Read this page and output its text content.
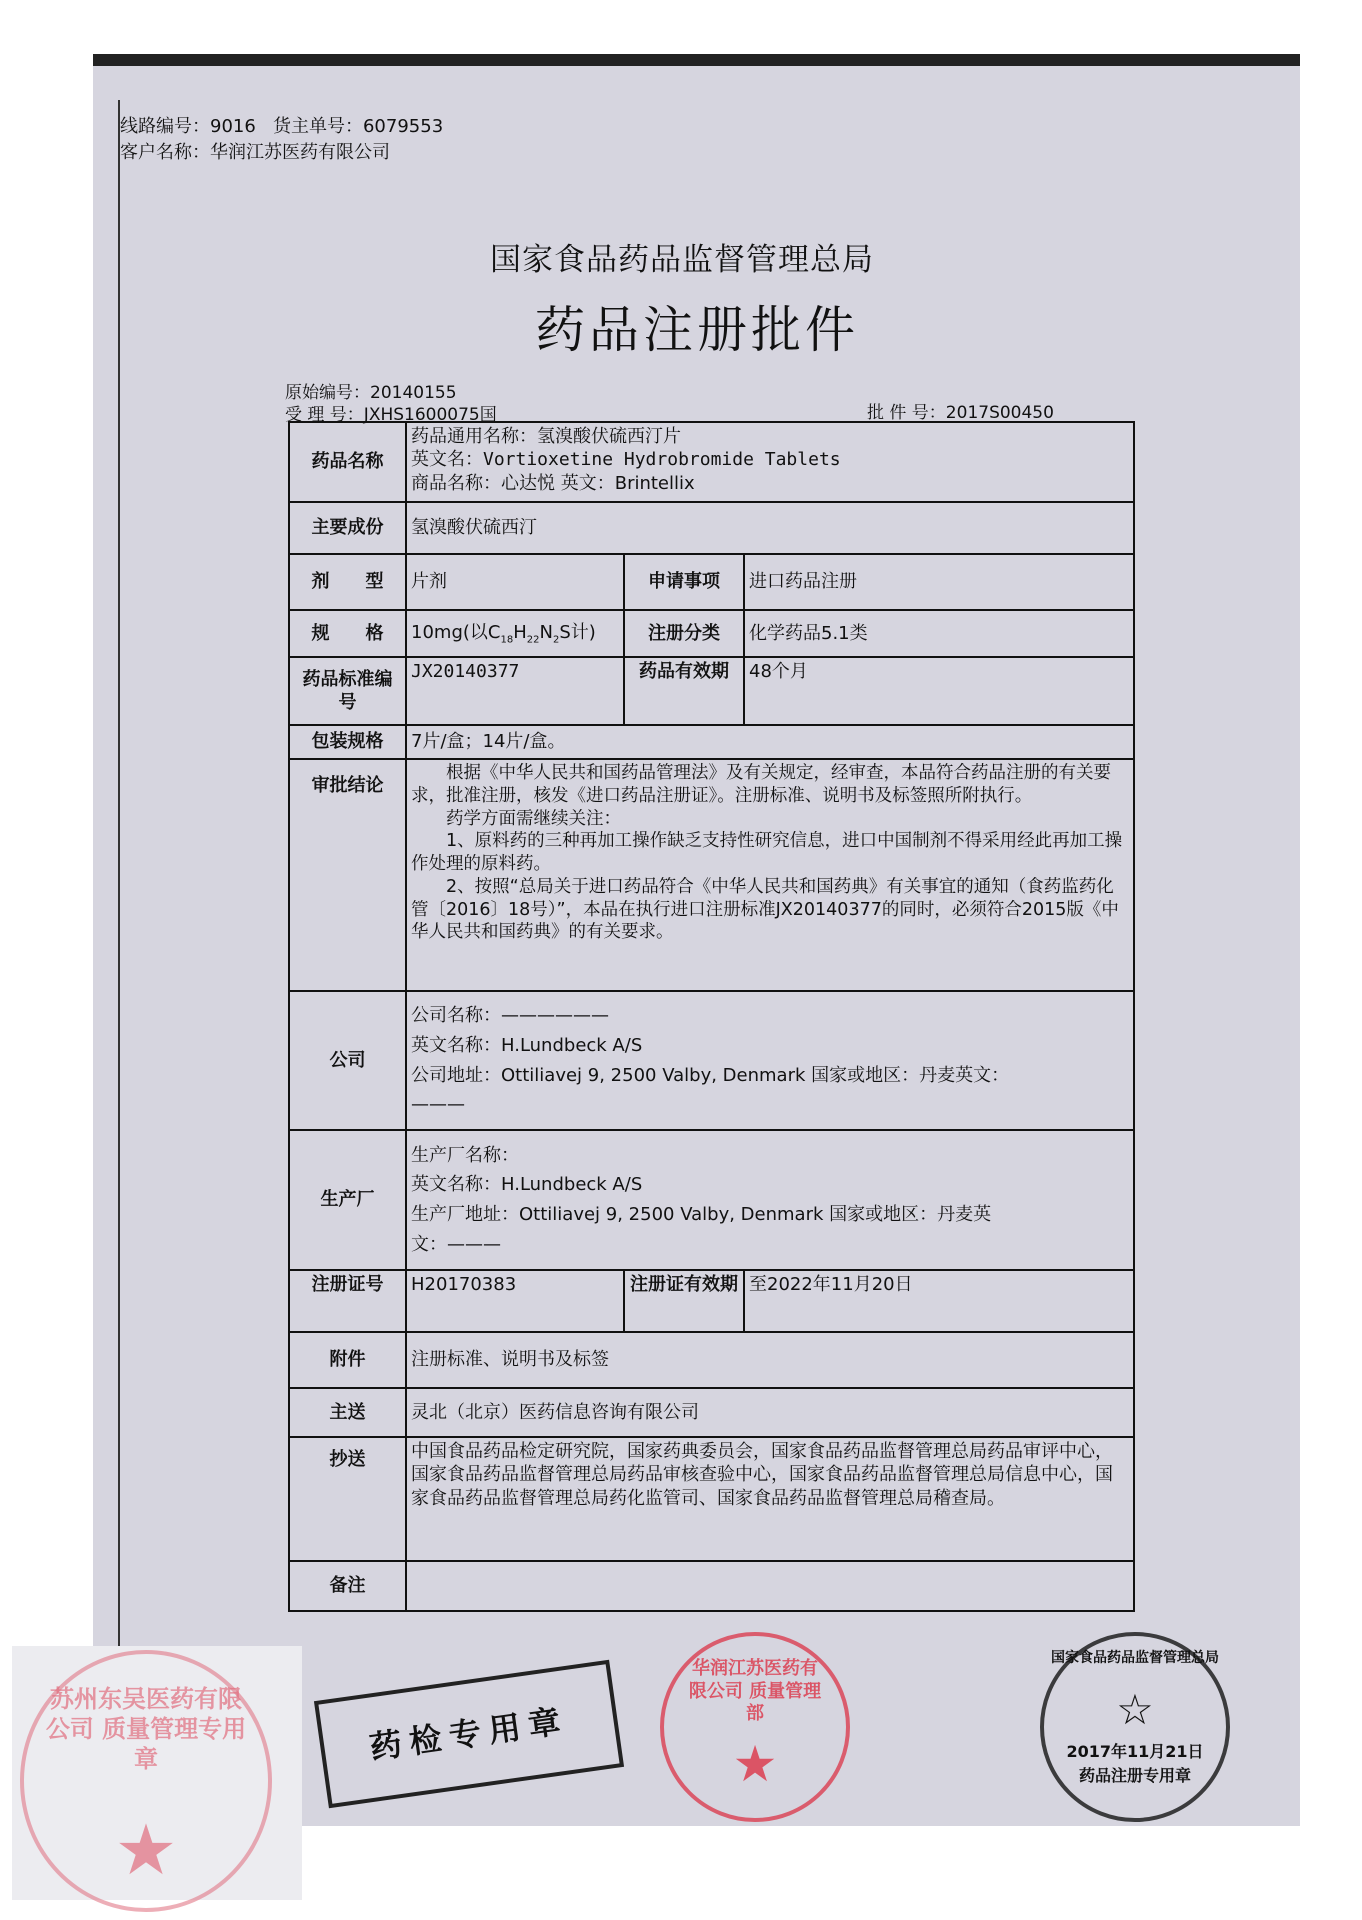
线路编号：9016 货主单号：6079553
客户名称：华润江苏医药有限公司
国家食品药品监督管理总局
药品注册批件
原始编号：20140155
受 理 号：JXHS1600075国	批 件 号：2017S00450
药品名称	药品通用名称：氢溴酸伏硫西汀片
英文名：Vortioxetine Hydrobromide Tablets
商品名称：心达悦 英文：Brintellix		

主要成份	氢溴酸伏硫西汀		
剂　　型	片剂	申请事项	进口药品注册
规　　格	10mg(以$C_{18}H_{22}N_2S$计)	注册分类	化学药品5.1类
药品标准编号	JX20140377	药品有效期	48个月
包装规格	7片/盒；14片/盒。		
审批结论	根据《中华人民共和国药品管理法》及有关规定，经审查，本品符合药品注册的有关要求，批准注册，核发《进口药品注册证》。注册标准、说明书及标签照所附执行。
药学方面需继续关注：
1、原料药的三种再加工操作缺乏支持性研究信息，进口中国制剂不得采用经此再加工操作处理的原料药。
2、按照“总局关于进口药品符合《中华人民共和国药典》有关事宜的通知（食药监药化管〔2016〕18号）”，本品在执行进口注册标准JX20140377的同时，必须符合2015版《中华人民共和国药典》的有关要求。		

公司	公司名称：——————
英文名称：H.Lundbeck A/S
公司地址：Ottiliavej 9, 2500 Valby, Denmark 国家或地区：丹麦英文：
———		

生产厂	生产厂名称：
英文名称：H.Lundbeck A/S
生产厂地址：Ottiliavej 9, 2500 Valby, Denmark 国家或地区：丹麦英
文：———		

注册证号	H20170383	注册证有效期	至2022年11月20日
附件	注册标准、说明书及标签		
主送	灵北（北京）医药信息咨询有限公司		
抄送	中国食品药品检定研究院，国家药典委员会，国家食品药品监督管理总局药品审评中心，国家食品药品监督管理总局药品审核查验中心，国家食品药品监督管理总局信息中心，国家食品药品监督管理总局药化监管司、国家食品药品监督管理总局稽查局。		
备注			
药检专用章
华润江苏医药有限公司 质量管理部
★
国家食品药品监督管理总局
☆
2017年11月21日
药品注册专用章
苏州东吴医药有限公司 质量管理专用章
★
